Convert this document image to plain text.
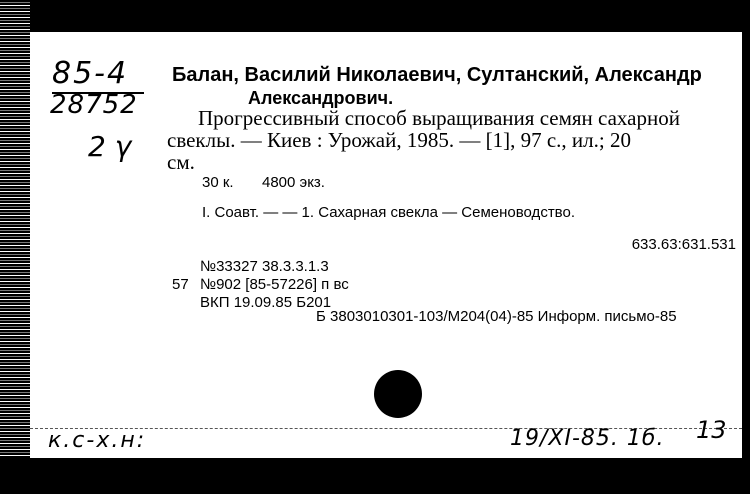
85-4
28752
2 γ
Балан, Василий Николаевич, Султанский, Александр
Александрович.
Прогрессивный способ выращивания семян сахарной
свеклы. — Киев : Урожай, 1985. — [1], 97 с., ил.; 20
см.
30 к. 4800 экз.
I. Соавт. — — 1. Сахарная свекла — Семеноводство.
633.63:631.531
№33327 38.3.3.1.3
57 №902 [85-57226] п вс
ВКП 19.09.85 Б201
Б 3803010301-103/М204(04)-85 Информ. письмо-85
к.с-х.н:	19/XI-85. 1б. 13
